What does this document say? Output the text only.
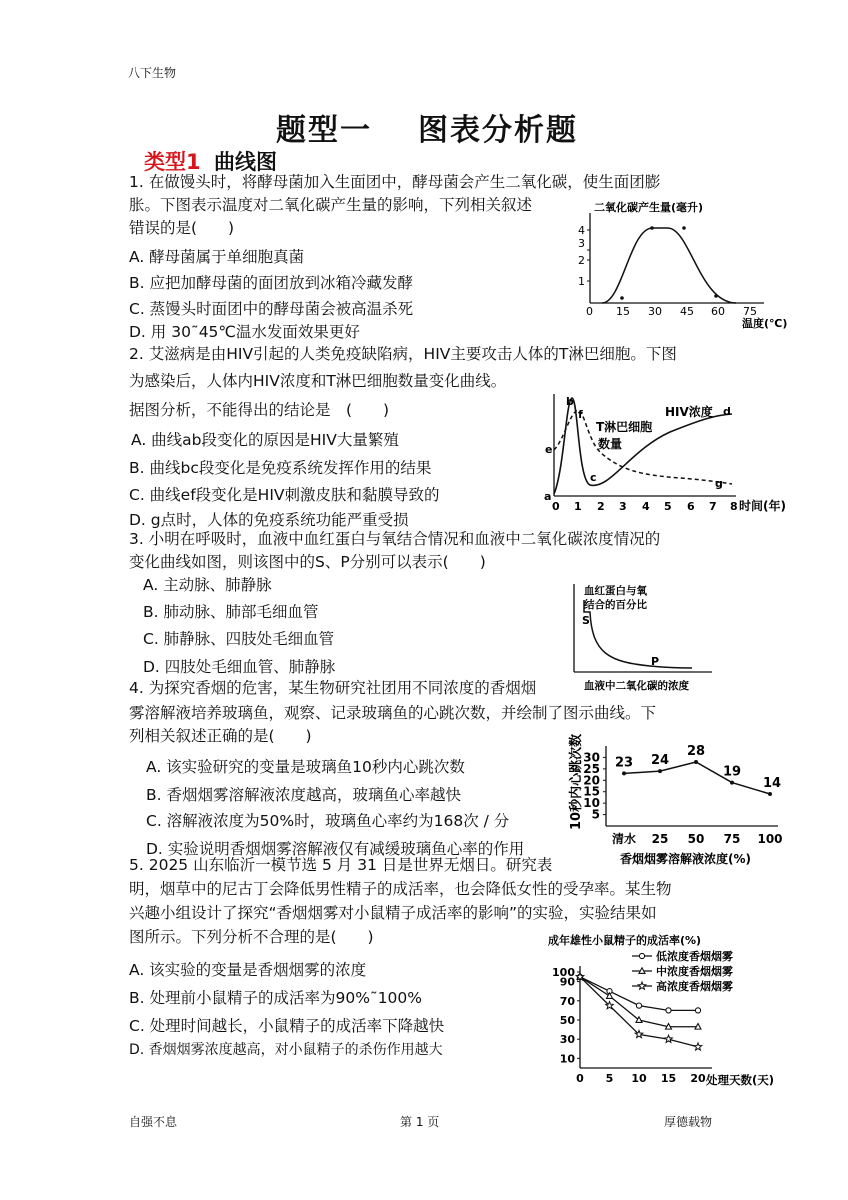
八下生物
题型一 图表分析题
类型1 曲线图
1. 在做馒头时，将酵母菌加入生面团中，酵母菌会产生二氧化碳，使生面团膨
胀。下图表示温度对二氧化碳产生量的影响，下列相关叙述
错误的是(　　)
A. 酵母菌属于单细胞真菌
B. 应把加酵母菌的面团放到冰箱冷藏发酵
C. 蒸馒头时面团中的酵母菌会被高温杀死
D. 用 30˜45℃温水发面效果更好
二氧化碳产生量(毫升)
1
2
3
4
0 15 30 45 60 75
温度(℃)
2. 艾滋病是由HIV引起的人类免疫缺陷病，HIV主要攻击人体的T淋巴细胞。下图
为感染后，人体内HIV浓度和T淋巴细胞数量变化曲线。
据图分析，不能得出的结论是　(　　)
A. 曲线ab段变化的原因是HIV大量繁殖
B. 曲线bc段变化是免疫系统发挥作用的结果
C. 曲线ef段变化是HIV刺激皮肤和黏膜导致的
D. g点时，人体的免疫系统功能严重受损
a
b
c
d
e
f
g
HIV浓度
T淋巴细胞
数量
0 1 2 3 4 5 6 7 8 时间(年)
3. 小明在呼吸时，血液中血红蛋白与氧结合情况和血液中二氧化碳浓度情况的
变化曲线如图，则该图中的S、P分别可以表示(　　)
A. 主动脉、肺静脉
B. 肺动脉、肺部毛细血管
C. 肺静脉、四肢处毛细血管
D. 四肢处毛细血管、肺静脉
血红蛋白与氧
结合的百分比
S
P
血液中二氧化碳的浓度
4. 为探究香烟的危害，某生物研究社团用不同浓度的香烟烟
雾溶解液培养玻璃鱼，观察、记录玻璃鱼的心跳次数，并绘制了图示曲线。下
列相关叙述正确的是(　　)
A. 该实验研究的变量是玻璃鱼10秒内心跳次数
B. 香烟烟雾溶解液浓度越高，玻璃鱼心率越快
C. 溶解液浓度为50%时，玻璃鱼心率约为168次 / 分
D. 实验说明香烟烟雾溶解液仅有减缓玻璃鱼心率的作用
10秒内心跳次数 5
10
15
20
25
30
清水 25 50 75 100
23 24
28
19
14
香烟烟雾溶解液浓度(%)
5. 2025 山东临沂一模节选 5 月 31 日是世界无烟日。研究表
明，烟草中的尼古丁会降低男性精子的成活率，也会降低女性的受孕率。某生物
兴趣小组设计了探究“香烟烟雾对小鼠精子成活率的影响”的实验，实验结果如
图所示。下列分析不合理的是(　　)
A. 该实验的变量是香烟烟雾的浓度
B. 处理前小鼠精子的成活率为90%˜100%
C. 处理时间越长，小鼠精子的成活率下降越快
D. 香烟烟雾浓度越高，对小鼠精子的杀伤作用越大
成年雄性小鼠精子的成活率(%)
10
30
50
70
90
100
0 5 10 15 20
低浓度香烟烟雾
中浓度香烟烟雾
高浓度香烟烟雾
处理天数(天)
自强不息	第 1 页	厚德载物
